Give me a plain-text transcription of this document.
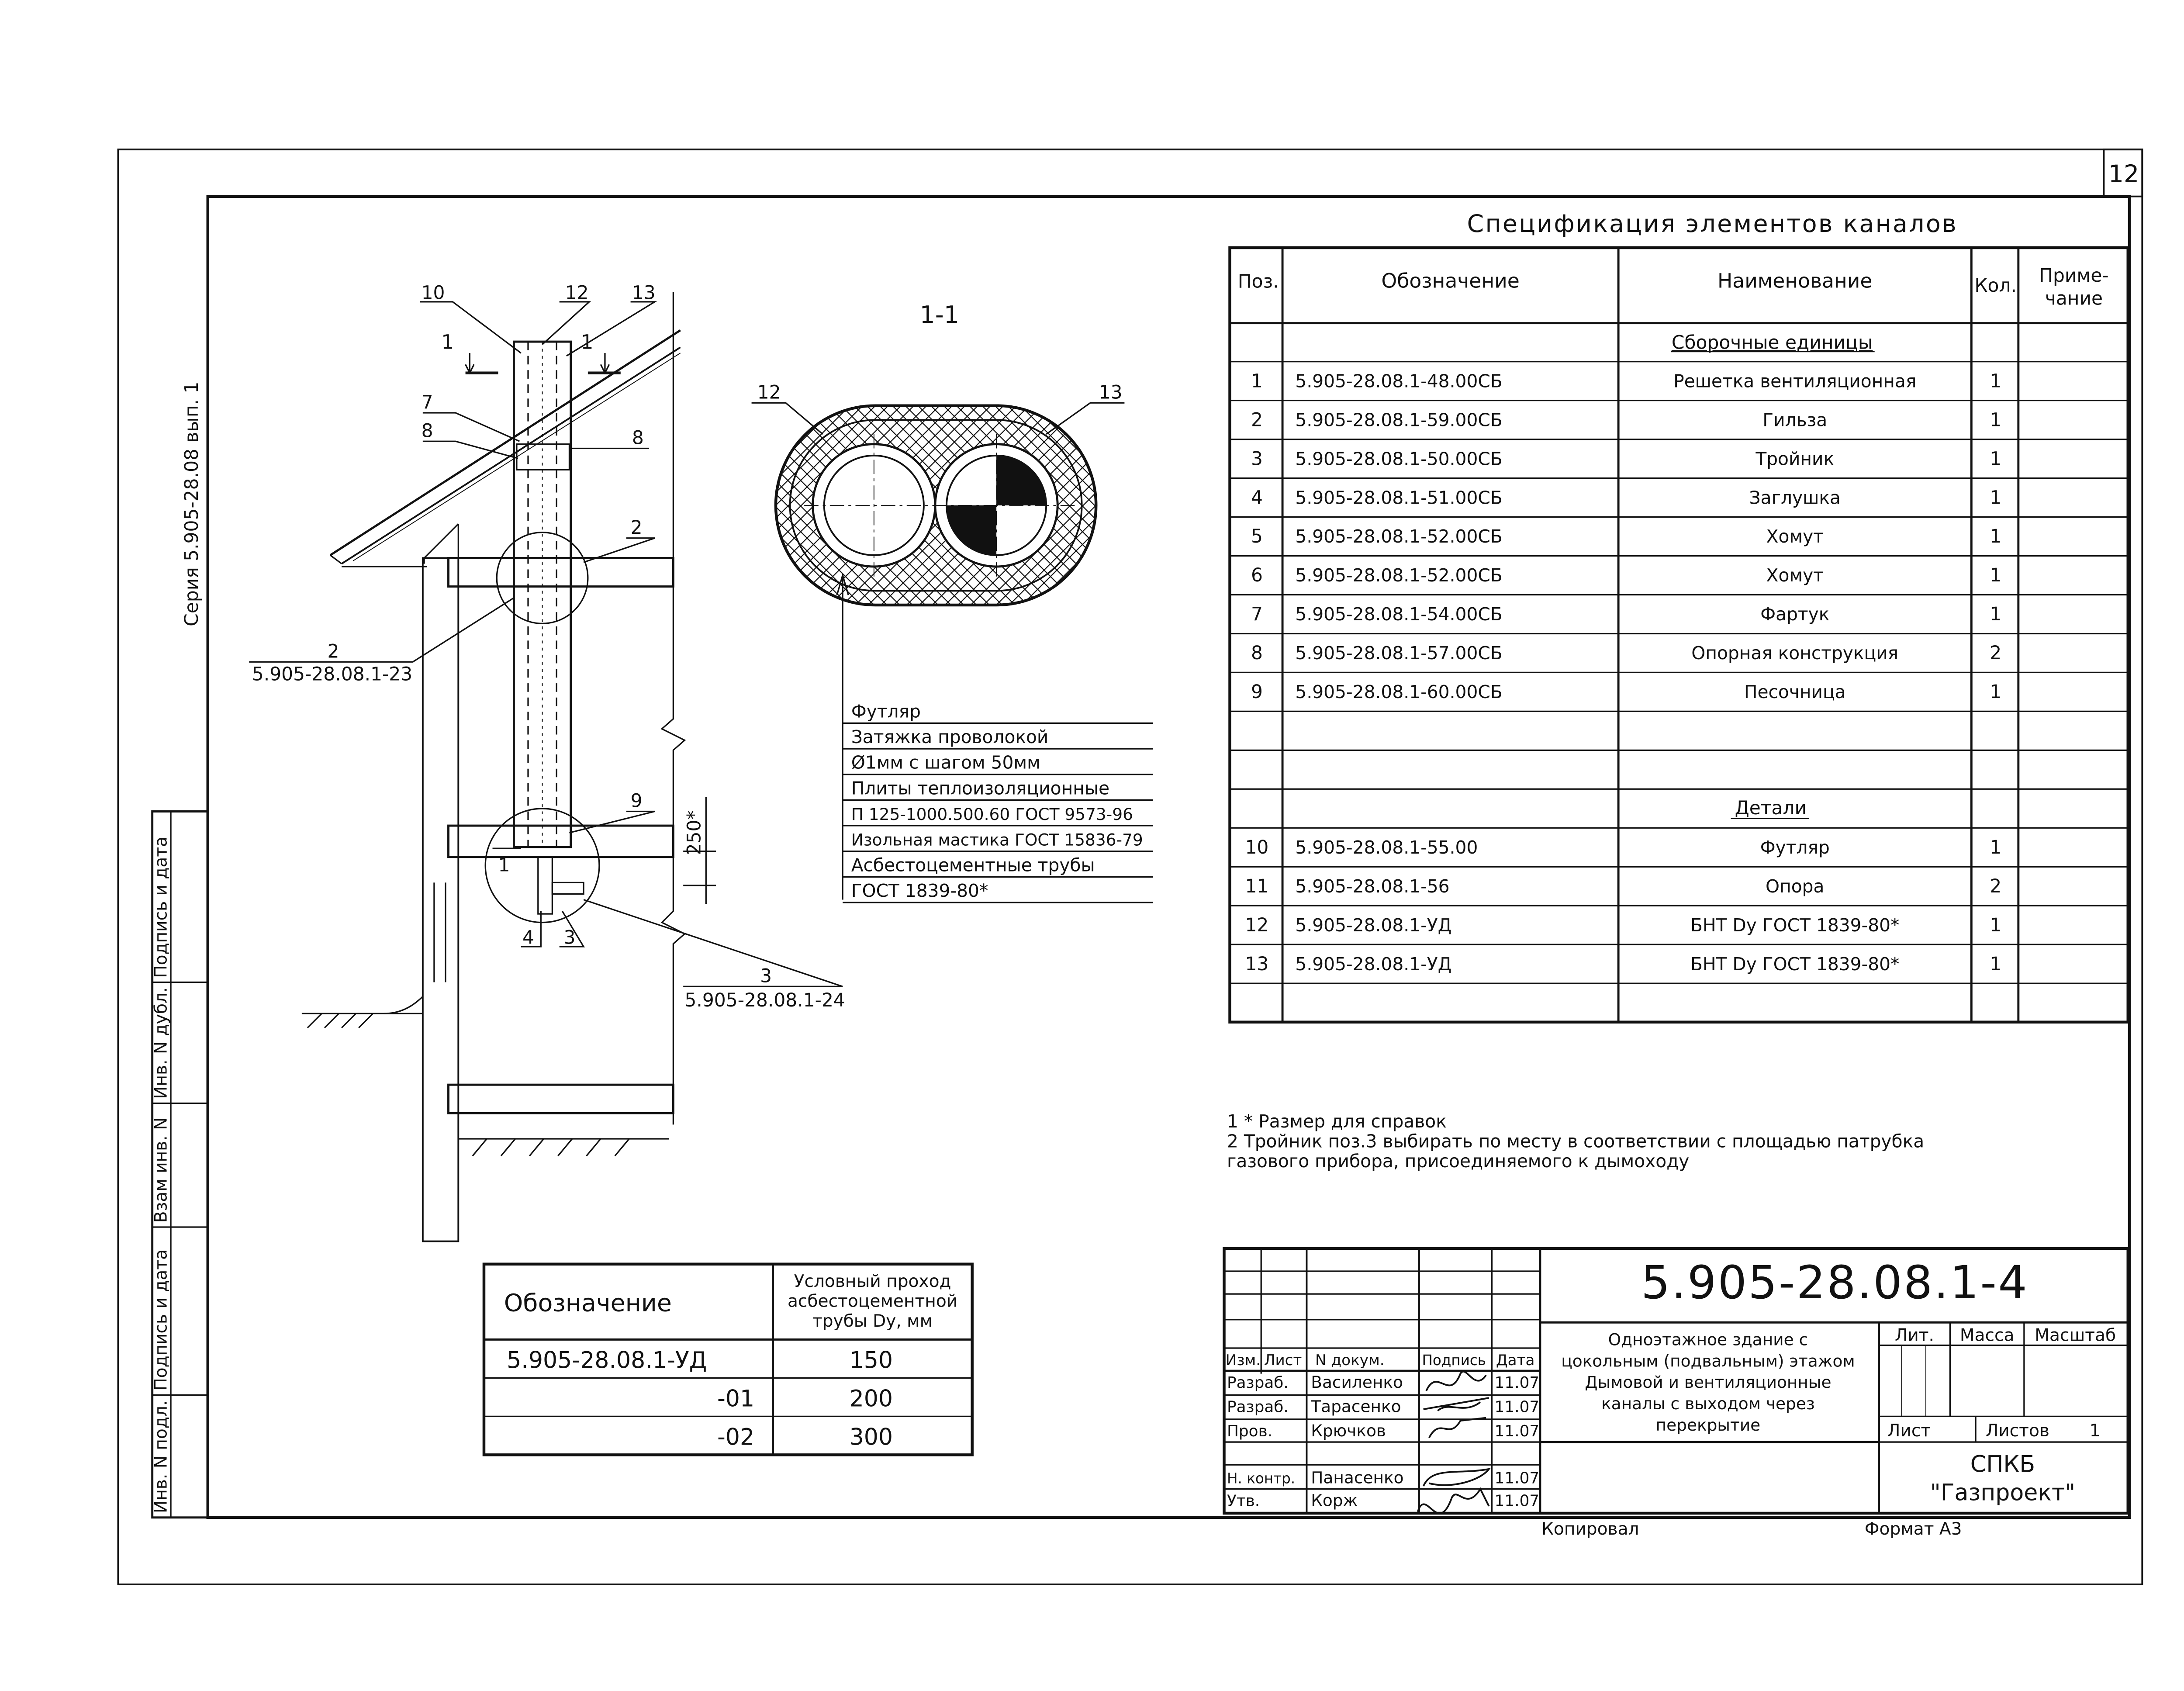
12
Инв. N подл.
Подпись и дата
Взам инв. N
Инв. N дубл.
Подпись и дата
Серия 5.905-28.08 вып. 1
1	1
250*
10	12	13
7
8	8
2
9
1
4	3
2
5.905-28.08.1-23
3
5.905-28.08.1-24
1-1
12	13
Футляр
Затяжка проволокой
Ø1мм с шагом 50мм
Плиты теплоизоляционные
П 125-1000.500.60 ГОСТ 9573-96
Изольная мастика ГОСТ 15836-79
Асбестоцементные трубы
ГОСТ 1839-80*
Спецификация элементов каналов
Поз.	Обозначение	Наименование	Кол.	Приме-чание
Сборочные единицы
Детали
1	5.905-28.08.1-48.00СБ	Решетка вентиляционная	1
2	5.905-28.08.1-59.00СБ	Гильза	1
3	5.905-28.08.1-50.00СБ	Тройник	1
4	5.905-28.08.1-51.00СБ	Заглушка	1
5	5.905-28.08.1-52.00СБ	Хомут	1
6	5.905-28.08.1-52.00СБ	Хомут	1
7	5.905-28.08.1-54.00СБ	Фартук	1
8	5.905-28.08.1-57.00СБ	Опорная конструкция	2
9	5.905-28.08.1-60.00СБ	Песочница	1
10	5.905-28.08.1-55.00	Футляр	1
11	5.905-28.08.1-56	Опора	2
12	5.905-28.08.1-УД	БНТ Dy ГОСТ 1839-80*	1
13	5.905-28.08.1-УД	БНТ Dy ГОСТ 1839-80*	1
1 * Размер для справок
2 Тройник поз.3 выбирать по месту в соответствии с площадью патрубка
газового прибора, присоединяемого к дымоходу
Обозначение
Условный проход
асбестоцементной
трубы Dy, мм
5.905-28.08.1-УД	150
-01	200
-02	300
5.905-28.08.1-4
Одноэтажное здание с
цокольным (подвальным) этажом
Дымовой и вентиляционные
каналы с выходом через
перекрытие
Лит.	Масса	Масштаб
Лист	Листов	1
СПКБ
"Газпроект"
Копировал	Формат А3
Изм. Лист	N докум.	Подпись Дата
Разраб.	Василенко	11.07
Разраб.	Тарасенко	11.07
Пров.	Крючков	11.07
Н. контр.	Панасенко	11.07
Утв.	Корж	11.07
